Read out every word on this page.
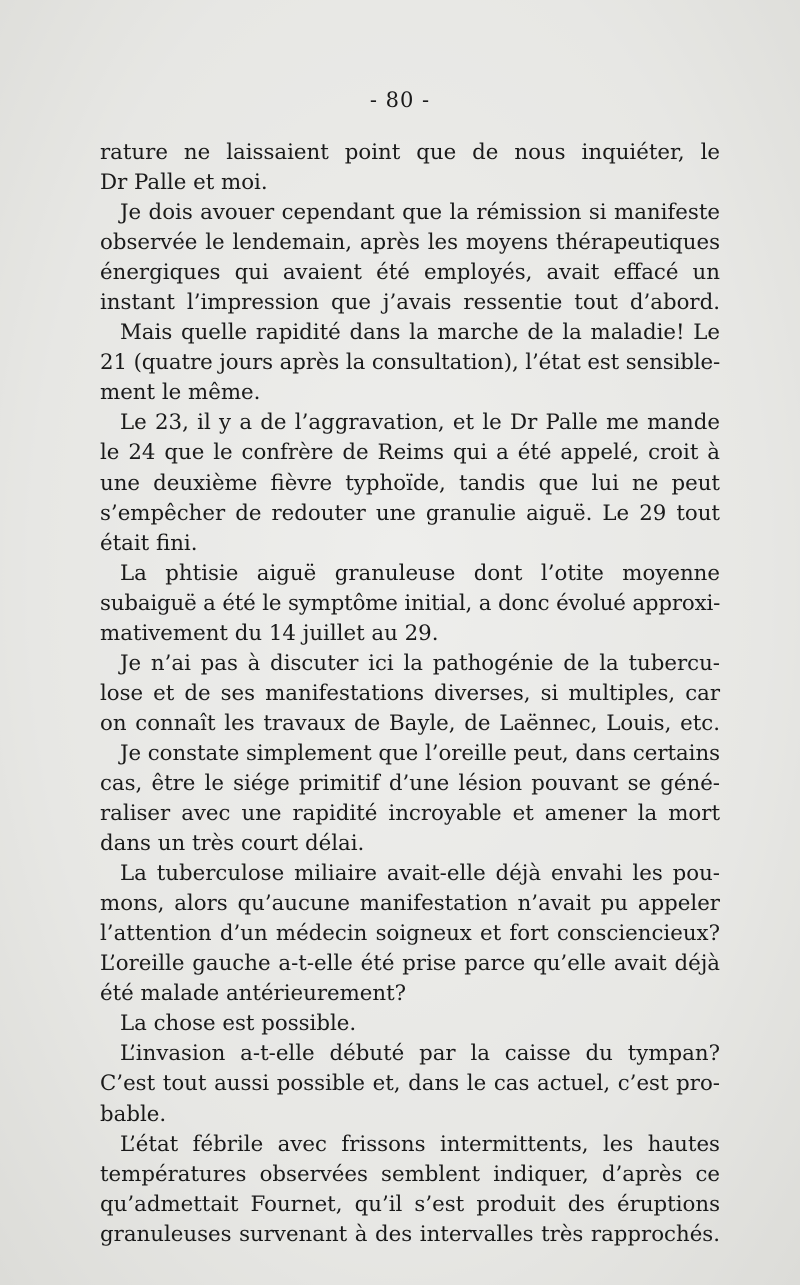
- 80 -
rature ne laissaient point que de nous inquiéter, le
Dr Palle et moi.
Je dois avouer cependant que la rémission si manifeste
observée le lendemain, après les moyens thérapeutiques
énergiques qui avaient été employés, avait effacé un
instant l’impression que j’avais ressentie tout d’abord.
Mais quelle rapidité dans la marche de la maladie! Le
21 (quatre jours après la consultation), l’état est sensible-
ment le même.
Le 23, il y a de l’aggravation, et le Dr Palle me mande
le 24 que le confrère de Reims qui a été appelé, croit à
une deuxième fièvre typhoïde, tandis que lui ne peut
s’empêcher de redouter une granulie aiguë. Le 29 tout
était fini.
La phtisie aiguë granuleuse dont l’otite moyenne
subaiguë a été le symptôme initial, a donc évolué approxi-
mativement du 14 juillet au 29.
Je n’ai pas à discuter ici la pathogénie de la tubercu-
lose et de ses manifestations diverses, si multiples, car
on connaît les travaux de Bayle, de Laënnec, Louis, etc.
Je constate simplement que l’oreille peut, dans certains
cas, être le siége primitif d’une lésion pouvant se géné-
raliser avec une rapidité incroyable et amener la mort
dans un très court délai.
La tuberculose miliaire avait-elle déjà envahi les pou-
mons, alors qu’aucune manifestation n’avait pu appeler
l’attention d’un médecin soigneux et fort consciencieux?
L’oreille gauche a-t-elle été prise parce qu’elle avait déjà
été malade antérieurement?
La chose est possible.
L’invasion a-t-elle débuté par la caisse du tympan?
C’est tout aussi possible et, dans le cas actuel, c’est pro-
bable.
L’état fébrile avec frissons intermittents, les hautes
températures observées semblent indiquer, d’après ce
qu’admettait Fournet, qu’il s’est produit des éruptions
granuleuses survenant à des intervalles très rapprochés.
